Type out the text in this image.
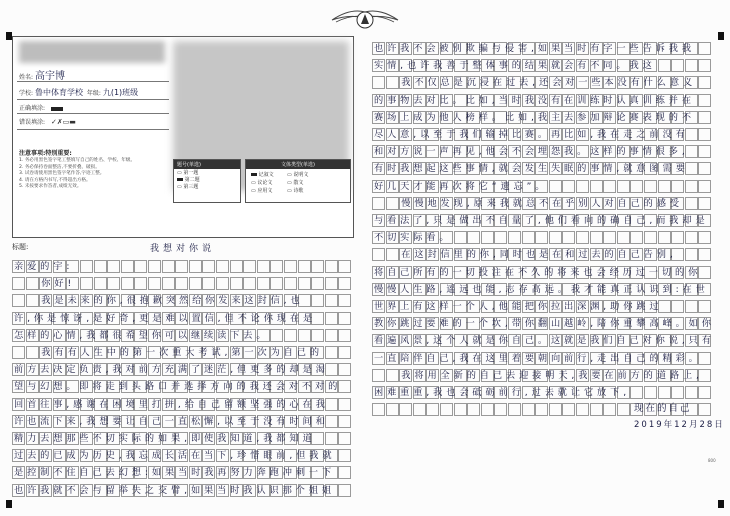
姓名: 高宇博
学校: 鲁中体育学校 年级: 九(1)班级
正确填涂:
错误填涂: ✓✗▭▬
注意事项:特别重要:
1. 务必用黑色签字笔工整填写自己的姓名、学校、年级。
2. 务必保持卷面整洁,不要折叠、破损。
3. 试卷请使用黑色签字笔作答,字迹工整。
4. 请在方格内书写,不得超出方格。
5. 未按要求作答者,成绩无效。
题号(单选)
▭ 第一题
第二题
▭ 第三题
文体类型(单选)
记叙文	▭ 说明文
▭ 议论文	▭ 散文
▭ 应用文	▭ 诗歌
标题:	我想对你说
亲爱的宇:
你好!
我是未来的你,很抱歉突然给你发来这封信,也
许,你是惊讶,是好奇,更是难以置信,但不论你现在是
怎样的心情,我都很希望你可以继续读下去。
我有有人生中的第一次重大考试,第一次为自己的
前方去决定负责,我对前方充满了迷茫,但更多的却是渴
望与幻想。即将走到头路口并选择方向的我还会对不对的
回首往事,感谢在困境里打拼,给自己留额坚强的心在我
许也流下来,我想要让自己一直松懈,以至于没有时间和
精力去想那些不切实际的如果,即使我知道,我都知道
过去的已成为历史,我忘成长活在当下,珍惜眼前,但我就
是控制不住自己去幻想:如果当时我再努力奔跑冲刺一下
也许我就不会与留举失之交臂,如果当时我认识那个姐姐
也许我不会被别欺骗与侵害,如果当时有字一些告诉我我
实情,也许我善于整体事的结果就会有不同。我这
我不仅总是沉浸在过去,还会对一些本没有什么意义
的事物去对比。比如,当时我没有在训练时认真训练并在
赛场上成为他人榜样。比如,我主去参加辩论赛表现的不
尽人意,以至于我们输掉比赛。再比如,我在走之前没有
和对方说一声再见,他会不会埋怨我。这样的事情很多,
有时我想起这些事情,就会发生失眠的事情,就意图需要
好几天才能再次将它“遗忘”。
慢慢地发现,原来我就总不在乎别人对自己的感受
与看法了,只是做出不自量了,他们看向的确自己,而我却是
不切实际看。
在这封信里的你,同时也是在和过去的自己告别,
将自己所有的一切投注在不久的将来也会经历过一切的你
慢慢人生路,遥远也能,志存高远。我才能真正认识到:在世
世界上有这样一个人,他能把你拉出深渊,助你跳过
教你跳过要难的一个坎,带你翻山越岭,陪你重攀高峰。如你
看遍风景,这个人就是你自己。这就是我们自己对你说,只有
一直陪伴自己,我在这里着要朝向前行,走出自己的精彩。
我将用全新的自己去迎接明天,我要在前方的道路上,
困难重重,我也会砥砺前行,过去就让它放下,
现在的自己
2019年12月28日
800
